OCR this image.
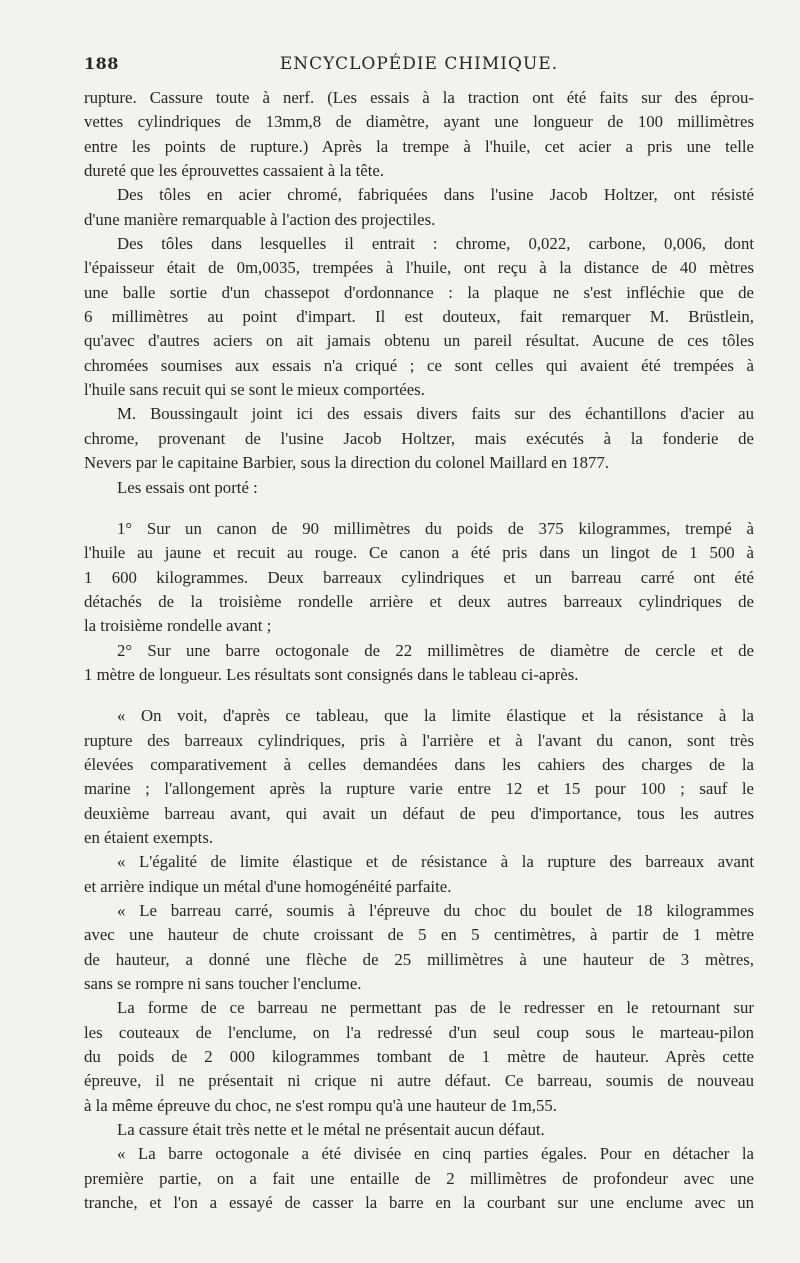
188	ENCYCLOPÉDIE CHIMIQUE.
rupture. Cassure toute à nerf. (Les essais à la traction ont été faits sur des éprou-
vettes cylindriques de 13mm,8 de diamètre, ayant une longueur de 100 millimètres
entre les points de rupture.) Après la trempe à l'huile, cet acier a pris une telle
dureté que les éprouvettes cassaient à la tête.
Des tôles en acier chromé, fabriquées dans l'usine Jacob Holtzer, ont résisté
d'une manière remarquable à l'action des projectiles.
Des tôles dans lesquelles il entrait : chrome, 0,022, carbone, 0,006, dont
l'épaisseur était de 0m,0035, trempées à l'huile, ont reçu à la distance de 40 mètres
une balle sortie d'un chassepot d'ordonnance : la plaque ne s'est infléchie que de
6 millimètres au point d'impart. Il est douteux, fait remarquer M. Brüstlein,
qu'avec d'autres aciers on ait jamais obtenu un pareil résultat. Aucune de ces tôles
chromées soumises aux essais n'a criqué ; ce sont celles qui avaient été trempées à
l'huile sans recuit qui se sont le mieux comportées.
M. Boussingault joint ici des essais divers faits sur des échantillons d'acier au
chrome, provenant de l'usine Jacob Holtzer, mais exécutés à la fonderie de
Nevers par le capitaine Barbier, sous la direction du colonel Maillard en 1877.
Les essais ont porté :
1° Sur un canon de 90 millimètres du poids de 375 kilogrammes, trempé à
l'huile au jaune et recuit au rouge. Ce canon a été pris dans un lingot de 1 500 à
1 600 kilogrammes. Deux barreaux cylindriques et un barreau carré ont été
détachés de la troisième rondelle arrière et deux autres barreaux cylindriques de
la troisième rondelle avant ;
2° Sur une barre octogonale de 22 millimètres de diamètre de cercle et de
1 mètre de longueur. Les résultats sont consignés dans le tableau ci-après.
« On voit, d'après ce tableau, que la limite élastique et la résistance à la
rupture des barreaux cylindriques, pris à l'arrière et à l'avant du canon, sont très
élevées comparativement à celles demandées dans les cahiers des charges de la
marine ; l'allongement après la rupture varie entre 12 et 15 pour 100 ; sauf le
deuxième barreau avant, qui avait un défaut de peu d'importance, tous les autres
en étaient exempts.
« L'égalité de limite élastique et de résistance à la rupture des barreaux avant
et arrière indique un métal d'une homogénéité parfaite.
« Le barreau carré, soumis à l'épreuve du choc du boulet de 18 kilogrammes
avec une hauteur de chute croissant de 5 en 5 centimètres, à partir de 1 mètre
de hauteur, a donné une flèche de 25 millimètres à une hauteur de 3 mètres,
sans se rompre ni sans toucher l'enclume.
La forme de ce barreau ne permettant pas de le redresser en le retournant sur
les couteaux de l'enclume, on l'a redressé d'un seul coup sous le marteau-pilon
du poids de 2 000 kilogrammes tombant de 1 mètre de hauteur. Après cette
épreuve, il ne présentait ni crique ni autre défaut. Ce barreau, soumis de nouveau
à la même épreuve du choc, ne s'est rompu qu'à une hauteur de 1m,55.
La cassure était très nette et le métal ne présentait aucun défaut.
« La barre octogonale a été divisée en cinq parties égales. Pour en détacher la
première partie, on a fait une entaille de 2 millimètres de profondeur avec une
tranche, et l'on a essayé de casser la barre en la courbant sur une enclume avec un
